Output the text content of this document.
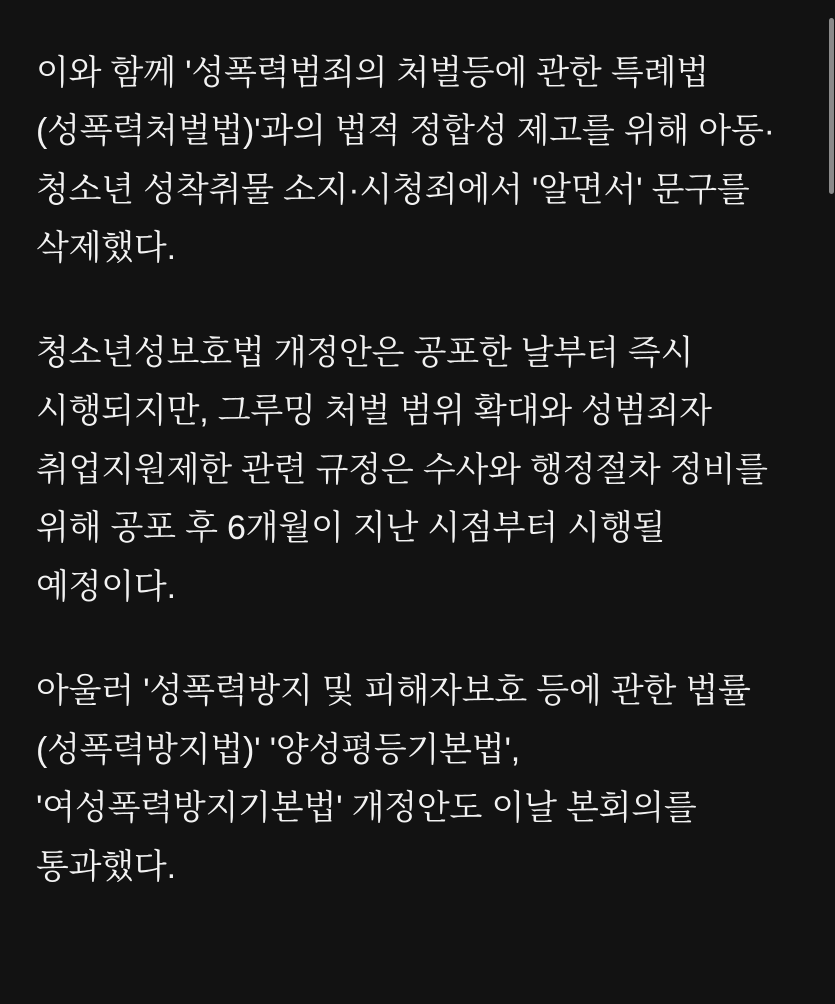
이와 함께 '성폭력범죄의 처벌등에 관한 특례법(성폭력처벌법)'과의 법적 정합성 제고를 위해 아동·청소년 성착취물 소지·시청죄에서 '알면서' 문구를 삭제했다.

청소년성보호법 개정안은 공포한 날부터 즉시 시행되지만, 그루밍 처벌 범위 확대와 성범죄자 취업지원제한 관련 규정은 수사와 행정절차 정비를 위해 공포 후 6개월이 지난 시점부터 시행될 예정이다.

아울러 '성폭력방지 및 피해자보호 등에 관한 법률(성폭력방지법)' '양성평등기본법', '여성폭력방지기본법' 개정안도 이날 본회의를 통과했다.
